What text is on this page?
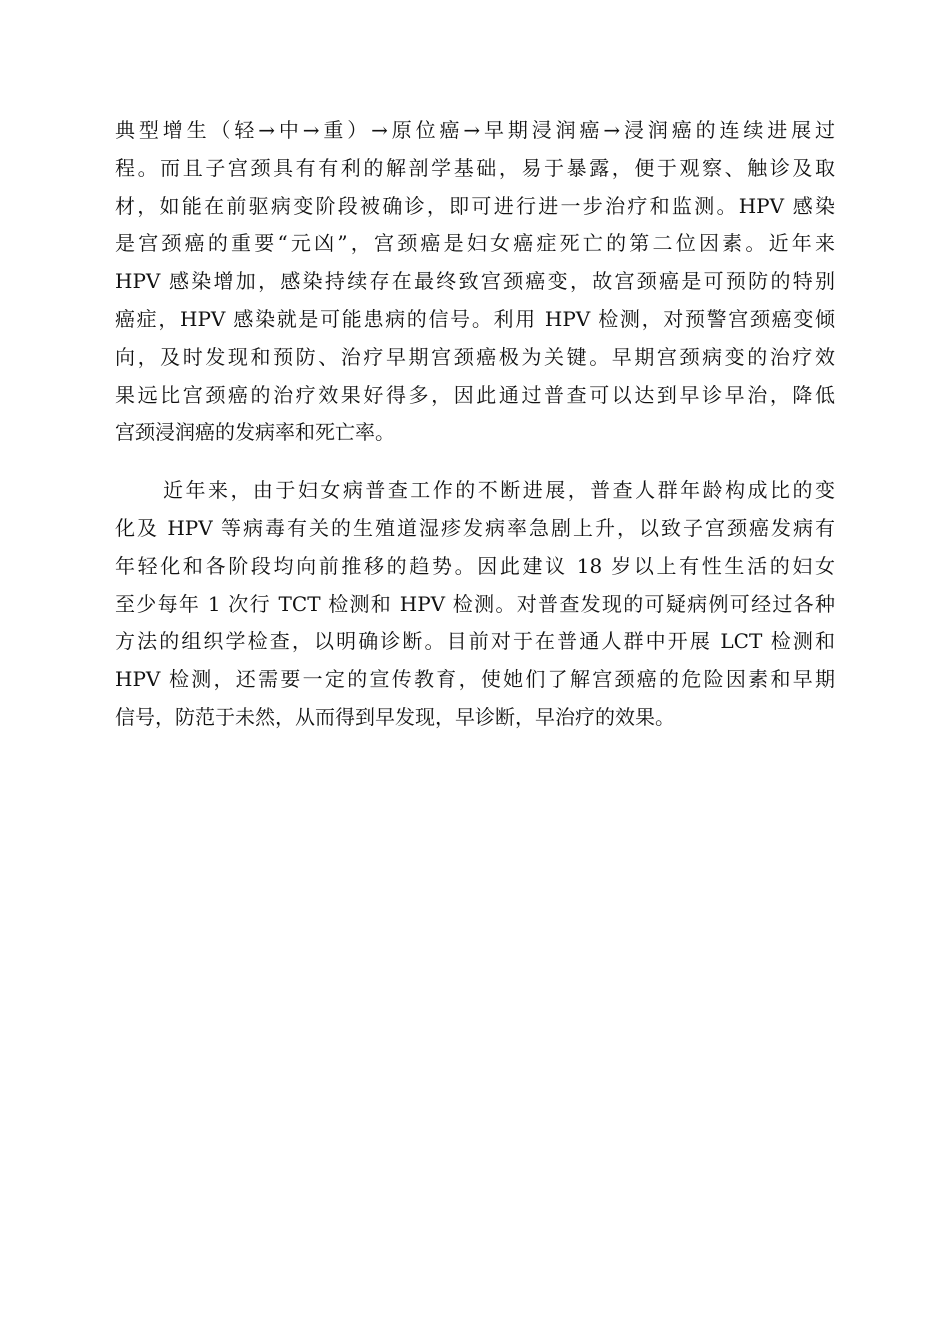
典型增生（轻→中→重）→原位癌→早期浸润癌→浸润癌的连续进展过
程。而且子宫颈具有有利的解剖学基础，易于暴露，便于观察、触诊及取
材，如能在前驱病变阶段被确诊，即可进行进一步治疗和监测。HPV 感染
是宫颈癌的重要“元凶”，宫颈癌是妇女癌症死亡的第二位因素。近年来
HPV 感染增加，感染持续存在最终致宫颈癌变，故宫颈癌是可预防的特别
癌症，HPV 感染就是可能患病的信号。利用 HPV 检测，对预警宫颈癌变倾
向，及时发现和预防、治疗早期宫颈癌极为关键。早期宫颈病变的治疗效
果远比宫颈癌的治疗效果好得多，因此通过普查可以达到早诊早治，降低
宫颈浸润癌的发病率和死亡率。

近年来，由于妇女病普查工作的不断进展，普查人群年龄构成比的变
化及 HPV 等病毒有关的生殖道湿疹发病率急剧上升，以致子宫颈癌发病有
年轻化和各阶段均向前推移的趋势。因此建议 18 岁以上有性生活的妇女
至少每年 1 次行 TCT 检测和 HPV 检测。对普查发现的可疑病例可经过各种
方法的组织学检查，以明确诊断。目前对于在普通人群中开展 LCT 检测和
HPV 检测，还需要一定的宣传教育，使她们了解宫颈癌的危险因素和早期
信号，防范于未然，从而得到早发现，早诊断，早治疗的效果。
